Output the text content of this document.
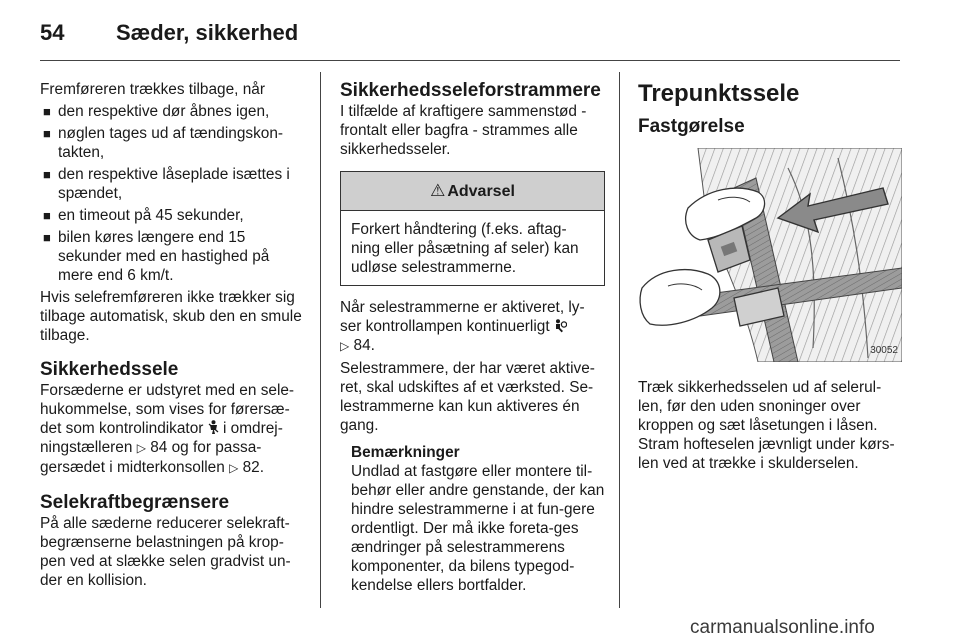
54 Sæder, sikkerhed

Fremføreren trækkes tilbage, når

■ den respektive dør åbnes igen,
■ nøglen tages ud af tændingskon-takten,
■ den respektive låseplade isættes i spændet,
■ en timeout på 45 sekunder,
■ bilen køres længere end 15 sekunder med en hastighed på mere end 6 km/t.

Hvis selefremføreren ikke trækker sig tilbage automatisk, skub den en smule tilbage.

Sikkerhedssele

Forsæderne er udstyret med en sele-hukommelse, som vises for førersæ-det som kontrolindikator i omdrej-ningstælleren ▷ 84 og for passa-gersædet i midterkonsollen ▷ 82.

Selekraftbegrænsere

På alle sæderne reducerer selekraft-begrænserne belastningen på krop-pen ved at slække selen gradvist un-der en kollision.

Sikkerhedsseleforstrammere

I tilfælde af kraftigere sammenstød - frontalt eller bagfra - strammes alle sikkerhedsseler.

⚠ Advarsel
Forkert håndtering (f.eks. aftag-ning eller påsætning af seler) kan udløse selestrammerne.

Når selestrammerne er aktiveret, ly-ser kontrollampen kontinuerligt
▷ 84.

Selestrammere, der har været aktive-ret, skal udskiftes af et værksted. Se-lestrammerne kan kun aktiveres én gang.

Bemærkninger
Undlad at fastgøre eller montere til-behør eller andre genstande, der kan hindre selestrammerne i at fun-gere ordentligt. Der må ikke foreta-ges ændringer på selestrammerens komponenter, da bilens typegod-kendelse ellers bortfalder.
Trepunktssele
Fastgørelse
30052

Træk sikkerhedsselen ud af selerul-len, før den uden snoninger over kroppen og sæt låsetungen i låsen. Stram hofteselen jævnligt under kørs-len ved at trække i skulderselen.

carmanualsonline.info
